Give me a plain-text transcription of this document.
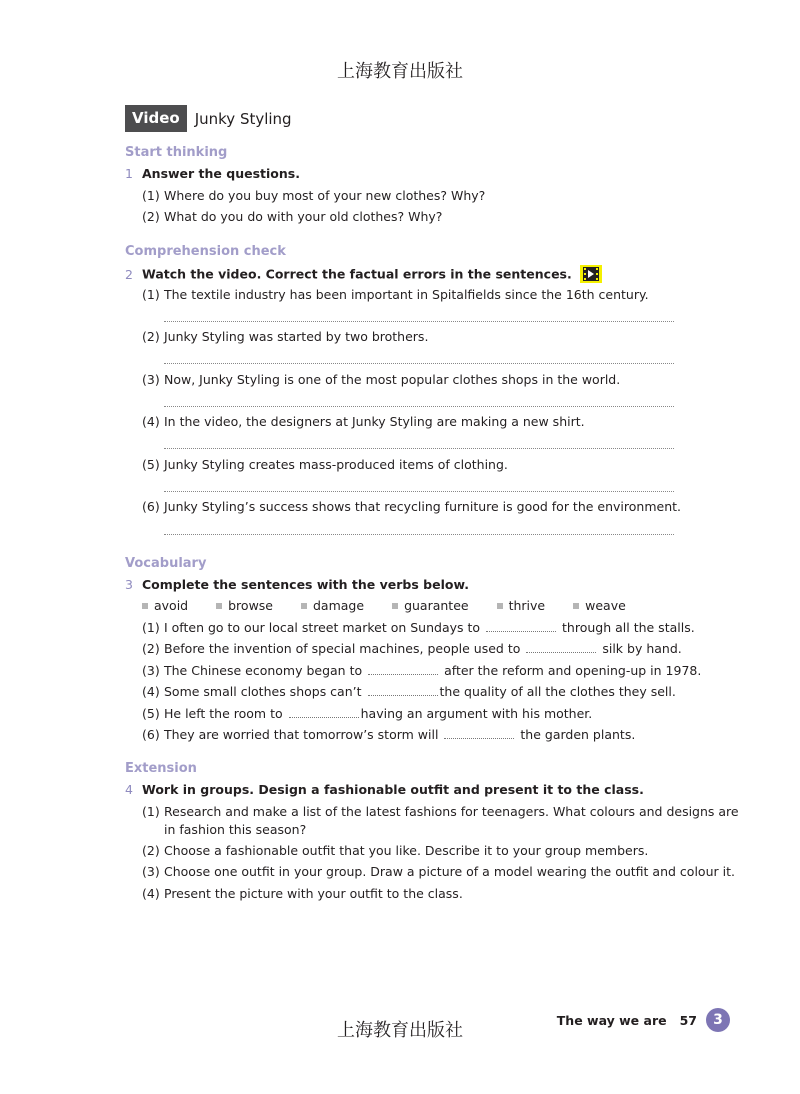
上海教育出版社
Video	Junky Styling
Start thinking
1 Answer the questions.
(1) Where do you buy most of your new clothes? Why?
(2) What do you do with your old clothes? Why?
Comprehension check
2 Watch the video. Correct the factual errors in the sentences.
(1) The textile industry has been important in Spitalfields since the 16th century.
(2) Junky Styling was started by two brothers.
(3) Now, Junky Styling is one of the most popular clothes shops in the world.
(4) In the video, the designers at Junky Styling are making a new shirt.
(5) Junky Styling creates mass-produced items of clothing.
(6) Junky Styling’s success shows that recycling furniture is good for the environment.
Vocabulary
3 Complete the sentences with the verbs below.
avoid	browse	damage	guarantee	thrive	weave
(1) I often go to our local street market on Sundays to	through all the stalls.
(2) Before the invention of special machines, people used to	silk by hand.
(3) The Chinese economy began to	after the reform and opening-up in 1978.
(4) Some small clothes shops can’t	the quality of all the clothes they sell.
(5) He left the room to	having an argument with his mother.
(6) They are worried that tomorrow’s storm will	the garden plants.
Extension
4 Work in groups. Design a fashionable outfit and present it to the class.
(1) Research and make a list of the latest fashions for teenagers. What colours and designs are
in fashion this season?
(2) Choose a fashionable outfit that you like. Describe it to your group members.
(3) Choose one outfit in your group. Draw a picture of a model wearing the outfit and colour it.
(4) Present the picture with your outfit to the class.
上海教育出版社	The way we are 57	3
